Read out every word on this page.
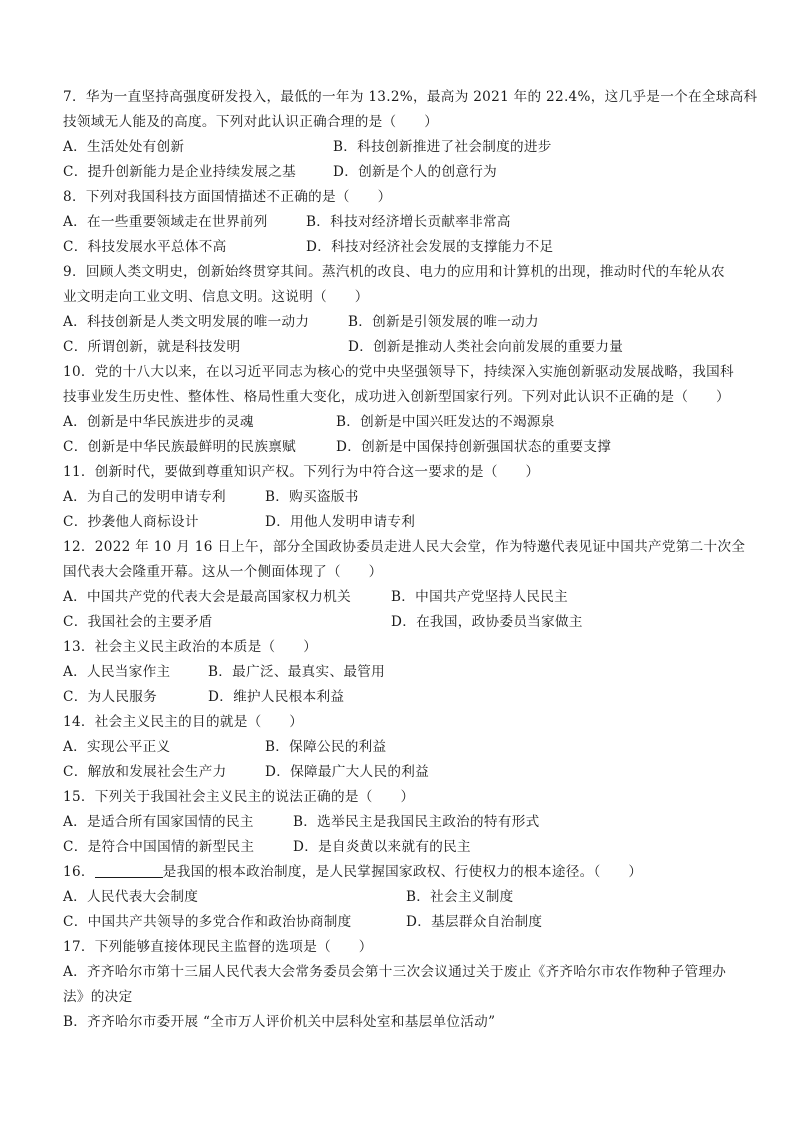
7．华为一直坚持高强度研发投入，最低的一年为 13.2%，最高为 2021 年的 22.4%，这几乎是一个在全球高科
技领域无人能及的高度。下列对此认识正确合理的是（　　）
A．生活处处有创新	B．科技创新推进了社会制度的进步
C．提升创新能力是企业持续发展之基	D．创新是个人的创意行为
8．下列对我国科技方面国情描述不正确的是（　　）
A．在一些重要领域走在世界前列	B．科技对经济增长贡献率非常高
C．科技发展水平总体不高	D．科技对经济社会发展的支撑能力不足
9．回顾人类文明史，创新始终贯穿其间。蒸汽机的改良、电力的应用和计算机的出现，推动时代的车轮从农
业文明走向工业文明、信息文明。这说明（　　）
A．科技创新是人类文明发展的唯一动力	B．创新是引领发展的唯一动力
C．所谓创新，就是科技发明	D．创新是推动人类社会向前发展的重要力量
10．党的十八大以来，在以习近平同志为核心的党中央坚强领导下，持续深入实施创新驱动发展战略，我国科
技事业发生历史性、整体性、格局性重大变化，成功进入创新型国家行列。下列对此认识不正确的是（　　）
A．创新是中华民族进步的灵魂	B．创新是中国兴旺发达的不竭源泉
C．创新是中华民族最鲜明的民族禀赋	D．创新是中国保持创新强国状态的重要支撑
11．创新时代，要做到尊重知识产权。下列行为中符合这一要求的是（　　）
A．为自己的发明申请专利	B．购买盗版书
C．抄袭他人商标设计	D．用他人发明申请专利
12．2022 年 10 月 16 日上午，部分全国政协委员走进人民大会堂，作为特邀代表见证中国共产党第二十次全
国代表大会隆重开幕。这从一个侧面体现了（　　）
A．中国共产党的代表大会是最高国家权力机关	B．中国共产党坚持人民民主
C．我国社会的主要矛盾	D．在我国，政协委员当家做主
13．社会主义民主政治的本质是（　　）
A．人民当家作主	B．最广泛、最真实、最管用
C．为人民服务	D．维护人民根本利益
14．社会主义民主的目的就是（　　）
A．实现公平正义	B．保障公民的利益
C．解放和发展社会生产力	D．保障最广大人民的利益
15．下列关于我国社会主义民主的说法正确的是（　　）
A．是适合所有国家国情的民主	B．选举民主是我国民主政治的特有形式
C．是符合中国国情的新型民主	D．是自炎黄以来就有的民主
16．	是我国的根本政治制度，是人民掌握国家政权、行使权力的根本途径。（　　）
A．人民代表大会制度	B．社会主义制度
C．中国共产共领导的多党合作和政治协商制度	D．基层群众自治制度
17．下列能够直接体现民主监督的选项是（　　）
A．齐齐哈尔市第十三届人民代表大会常务委员会第十三次会议通过关于废止《齐齐哈尔市农作物种子管理办
法》的决定
B．齐齐哈尔市委开展 “全市万人评价机关中层科处室和基层单位活动”
